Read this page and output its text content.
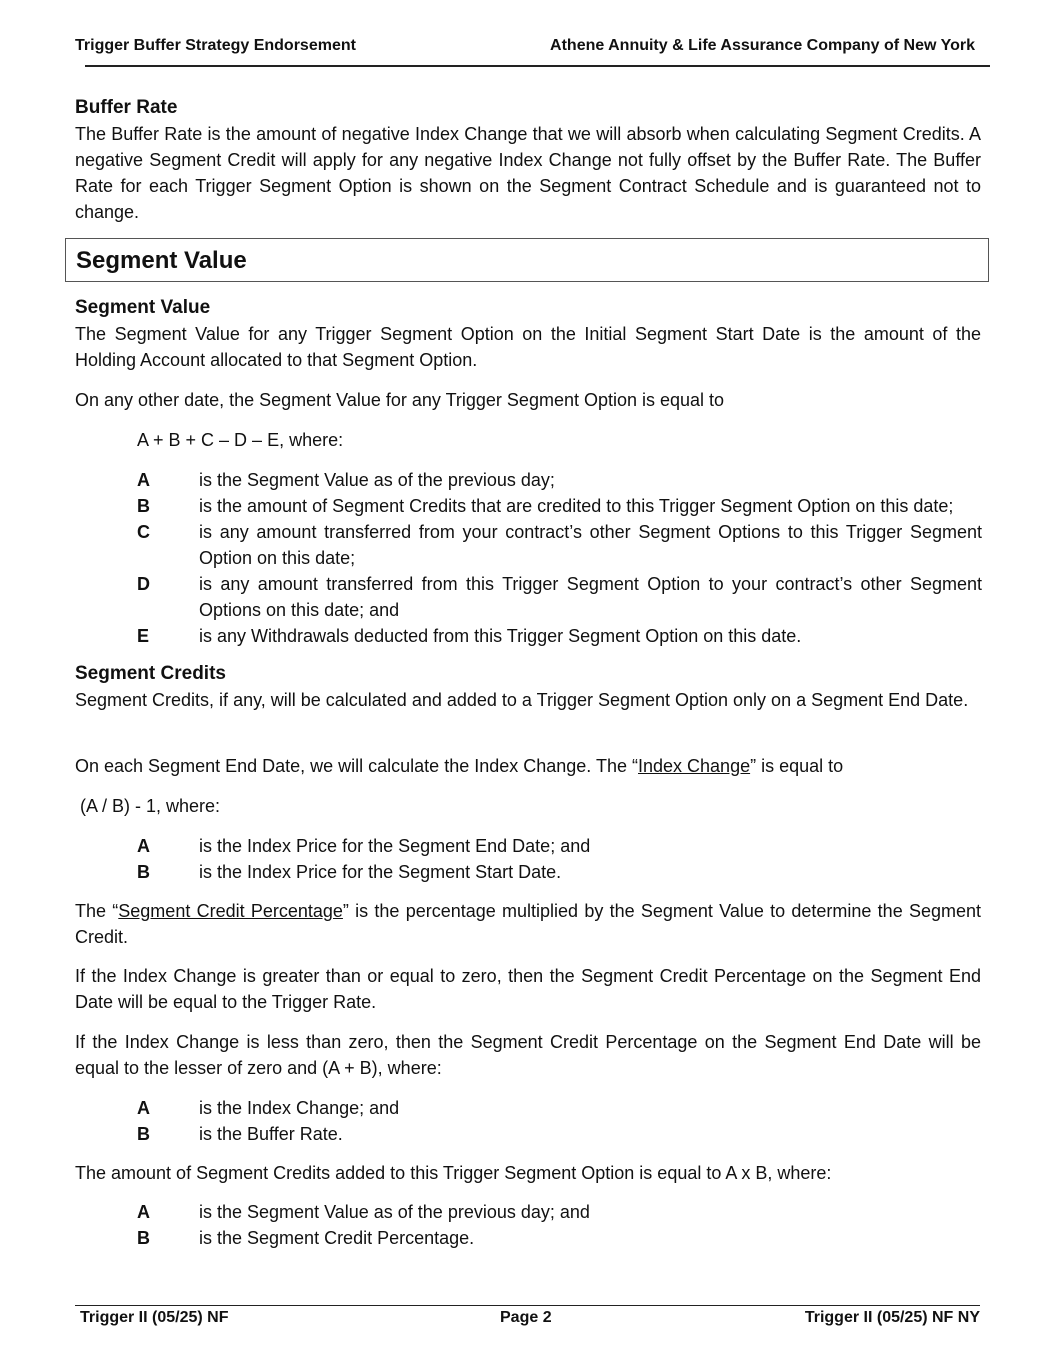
Trigger Buffer Strategy Endorsement	Athene Annuity & Life Assurance Company of New York
Buffer Rate
The Buffer Rate is the amount of negative Index Change that we will absorb when calculating Segment Credits. A negative Segment Credit will apply for any negative Index Change not fully offset by the Buffer Rate. The Buffer Rate for each Trigger Segment Option is shown on the Segment Contract Schedule and is guaranteed not to change.
Segment Value
Segment Value
The Segment Value for any Trigger Segment Option on the Initial Segment Start Date is the amount of the Holding Account allocated to that Segment Option.
On any other date, the Segment Value for any Trigger Segment Option is equal to
A + B + C – D – E, where:
A	is the Segment Value as of the previous day;
B	is the amount of Segment Credits that are credited to this Trigger Segment Option on this date;
C	is any amount transferred from your contract’s other Segment Options to this Trigger Segment Option on this date;
D	is any amount transferred from this Trigger Segment Option to your contract’s other Segment Options on this date; and
E	is any Withdrawals deducted from this Trigger Segment Option on this date.
Segment Credits
Segment Credits, if any, will be calculated and added to a Trigger Segment Option only on a Segment End Date.
On each Segment End Date, we will calculate the Index Change. The “Index Change” is equal to
(A / B) - 1, where:
A	is the Index Price for the Segment End Date; and
B	is the Index Price for the Segment Start Date.
The “Segment Credit Percentage” is the percentage multiplied by the Segment Value to determine the Segment Credit.
If the Index Change is greater than or equal to zero, then the Segment Credit Percentage on the Segment End Date will be equal to the Trigger Rate.
If the Index Change is less than zero, then the Segment Credit Percentage on the Segment End Date will be equal to the lesser of zero and (A + B), where:
A	is the Index Change; and
B	is the Buffer Rate.
The amount of Segment Credits added to this Trigger Segment Option is equal to A x B, where:
A	is the Segment Value as of the previous day; and
B	is the Segment Credit Percentage.
Trigger II (05/25) NF	Page 2	Trigger II (05/25) NF NY
